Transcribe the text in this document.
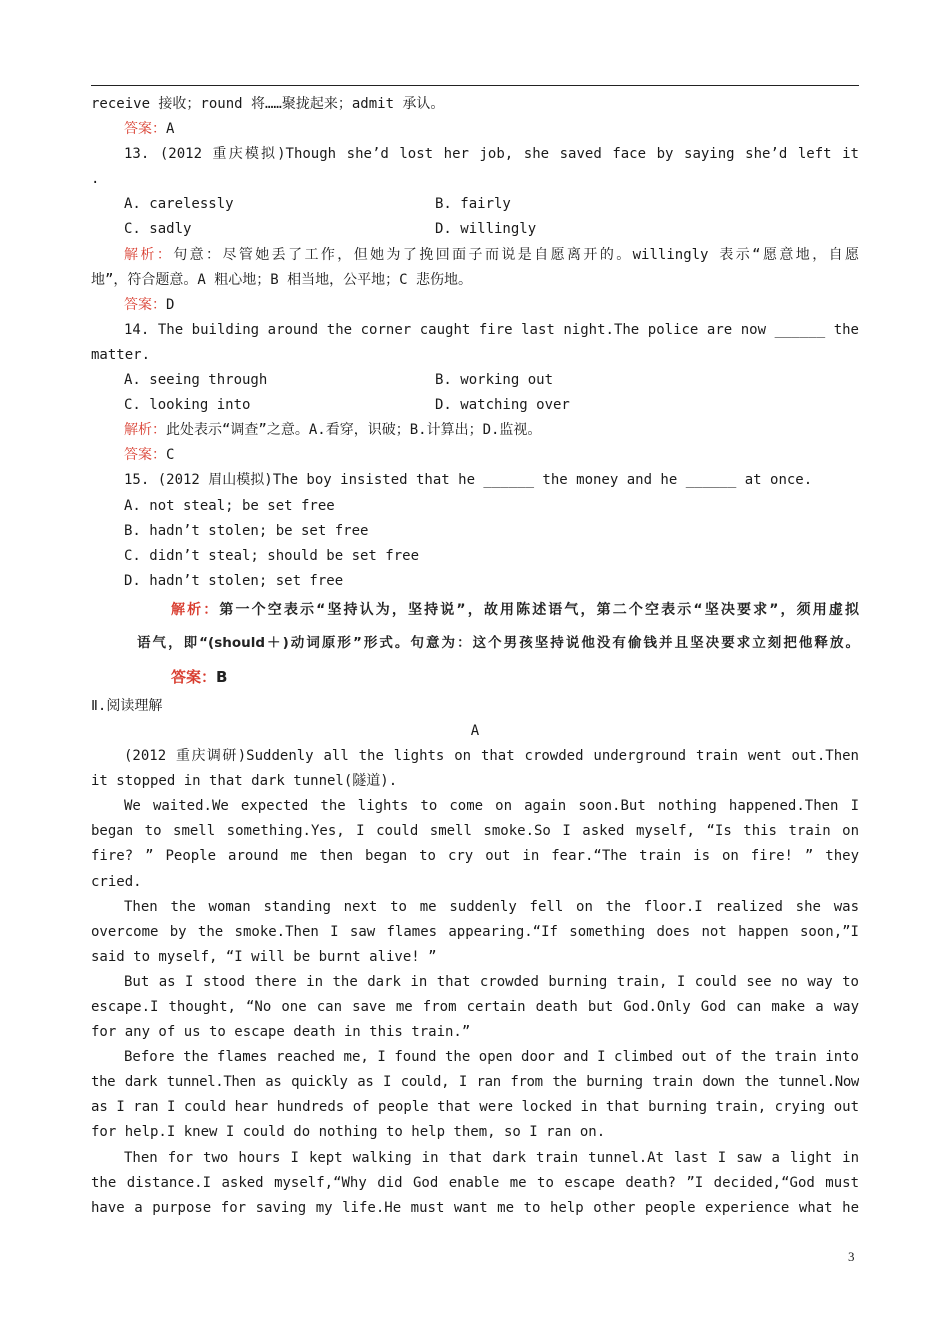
receive 接收；round 将……聚拢起来；admit 承认。
答案：A
13. (2012 重庆模拟)Though she’d lost her job, she saved face by saying she’d left it
.
A. carelessly	B. fairly
C. sadly	D. willingly
解析：句意：尽管她丢了工作，但她为了挽回面子而说是自愿离开的。willingly 表示“愿意地，自愿
地”，符合题意。A 粗心地；B 相当地，公平地；C 悲伤地。
答案：D
14. The building around the corner caught fire last night.The police are now ______ the
matter.
A. seeing through	B. working out
C. looking into	D. watching over
解析：此处表示“调查”之意。A.看穿，识破；B.计算出；D.监视。
答案：C
15. (2012 眉山模拟)The boy insisted that he ______ the money and he ______ at once.
A. not steal; be set free
B. hadn’t stolen; be set free
C. didn’t steal; should be set free
D. hadn’t stolen; set free
解析：第一个空表示“坚持认为，坚持说”，故用陈述语气，第二个空表示“坚决要求”，须用虚拟
语气，即“(should＋)动词原形”形式。句意为：这个男孩坚持说他没有偷钱并且坚决要求立刻把他释放。
答案：B
Ⅱ.阅读理解
A
(2012 重庆调研)Suddenly all the lights on that crowded underground train went out.Then
it stopped in that dark tunnel(隧道).
We waited.We expected the lights to come on again soon.But nothing happened.Then I
began to smell something.Yes, I could smell smoke.So I asked myself, “Is this train on
fire? ” People around me then began to cry out in fear.“The train is on fire! ” they
cried.
Then the woman standing next to me suddenly fell on the floor.I realized she was
overcome by the smoke.Then I saw flames appearing.“If something does not happen soon,”I
said to myself, “I will be burnt alive! ”
But as I stood there in the dark in that crowded burning train, I could see no way to
escape.I thought, “No one can save me from certain death but God.Only God can make a way
for any of us to escape death in this train.”
Before the flames reached me, I found the open door and I climbed out of the train into
the dark tunnel.Then as quickly as I could, I ran from the burning train down the tunnel.Now
as I ran I could hear hundreds of people that were locked in that burning train, crying out
for help.I knew I could do nothing to help them, so I ran on.
Then for two hours I kept walking in that dark train tunnel.At last I saw a light in
the distance.I asked myself,“Why did God enable me to escape death? ”I decided,“God must
have a purpose for saving my life.He must want me to help other people experience what he
3
